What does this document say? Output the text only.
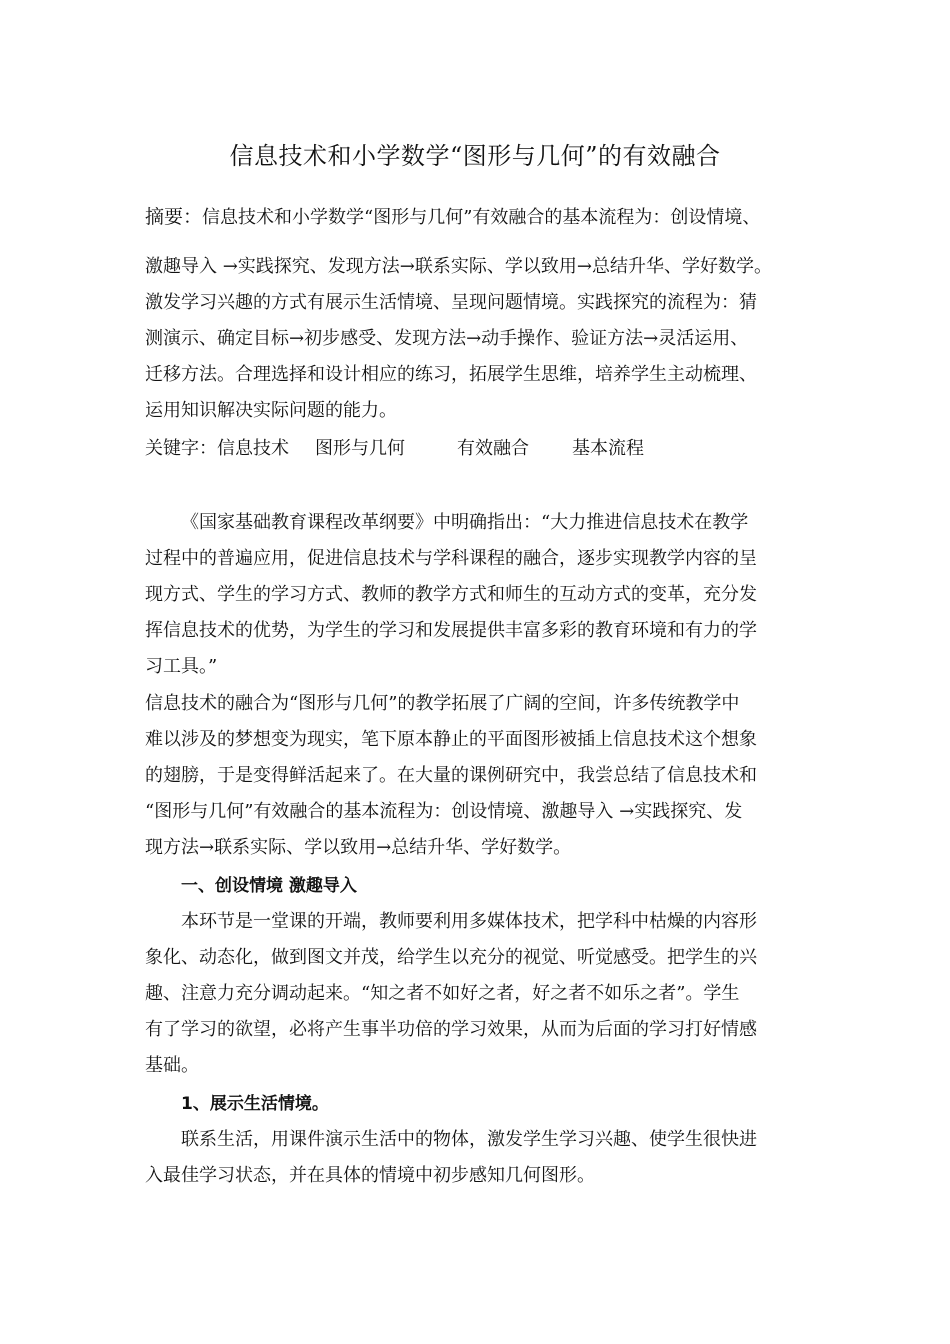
信息技术和小学数学“图形与几何”的有效融合
摘要：信息技术和小学数学“图形与几何”有效融合的基本流程为：创设情境、
激趣导入 →实践探究、发现方法→联系实际、学以致用→总结升华、学好数学。
激发学习兴趣的方式有展示生活情境、呈现问题情境。实践探究的流程为：猜
测演示、确定目标→初步感受、发现方法→动手操作、验证方法→灵活运用、
迁移方法。合理选择和设计相应的练习，拓展学生思维，培养学生主动梳理、
运用知识解决实际问题的能力。
关键字：信息技术 图形与几何	有效融合 基本流程
《国家基础教育课程改革纲要》中明确指出：“大力推进信息技术在教学
过程中的普遍应用，促进信息技术与学科课程的融合，逐步实现教学内容的呈
现方式、学生的学习方式、教师的教学方式和师生的互动方式的变革，充分发
挥信息技术的优势，为学生的学习和发展提供丰富多彩的教育环境和有力的学
习工具。”
信息技术的融合为“图形与几何”的教学拓展了广阔的空间，许多传统教学中
难以涉及的梦想变为现实，笔下原本静止的平面图形被插上信息技术这个想象
的翅膀，于是变得鲜活起来了。在大量的课例研究中，我尝总结了信息技术和
“图形与几何”有效融合的基本流程为：创设情境、激趣导入 →实践探究、发
现方法→联系实际、学以致用→总结升华、学好数学。
一、创设情境 激趣导入
本环节是一堂课的开端，教师要利用多媒体技术，把学科中枯燥的内容形
象化、动态化，做到图文并茂，给学生以充分的视觉、听觉感受。把学生的兴
趣、注意力充分调动起来。“知之者不如好之者，好之者不如乐之者”。学生
有了学习的欲望，必将产生事半功倍的学习效果，从而为后面的学习打好情感
基础。
1、展示生活情境。
联系生活，用课件演示生活中的物体，激发学生学习兴趣、使学生很快进
入最佳学习状态，并在具体的情境中初步感知几何图形。
